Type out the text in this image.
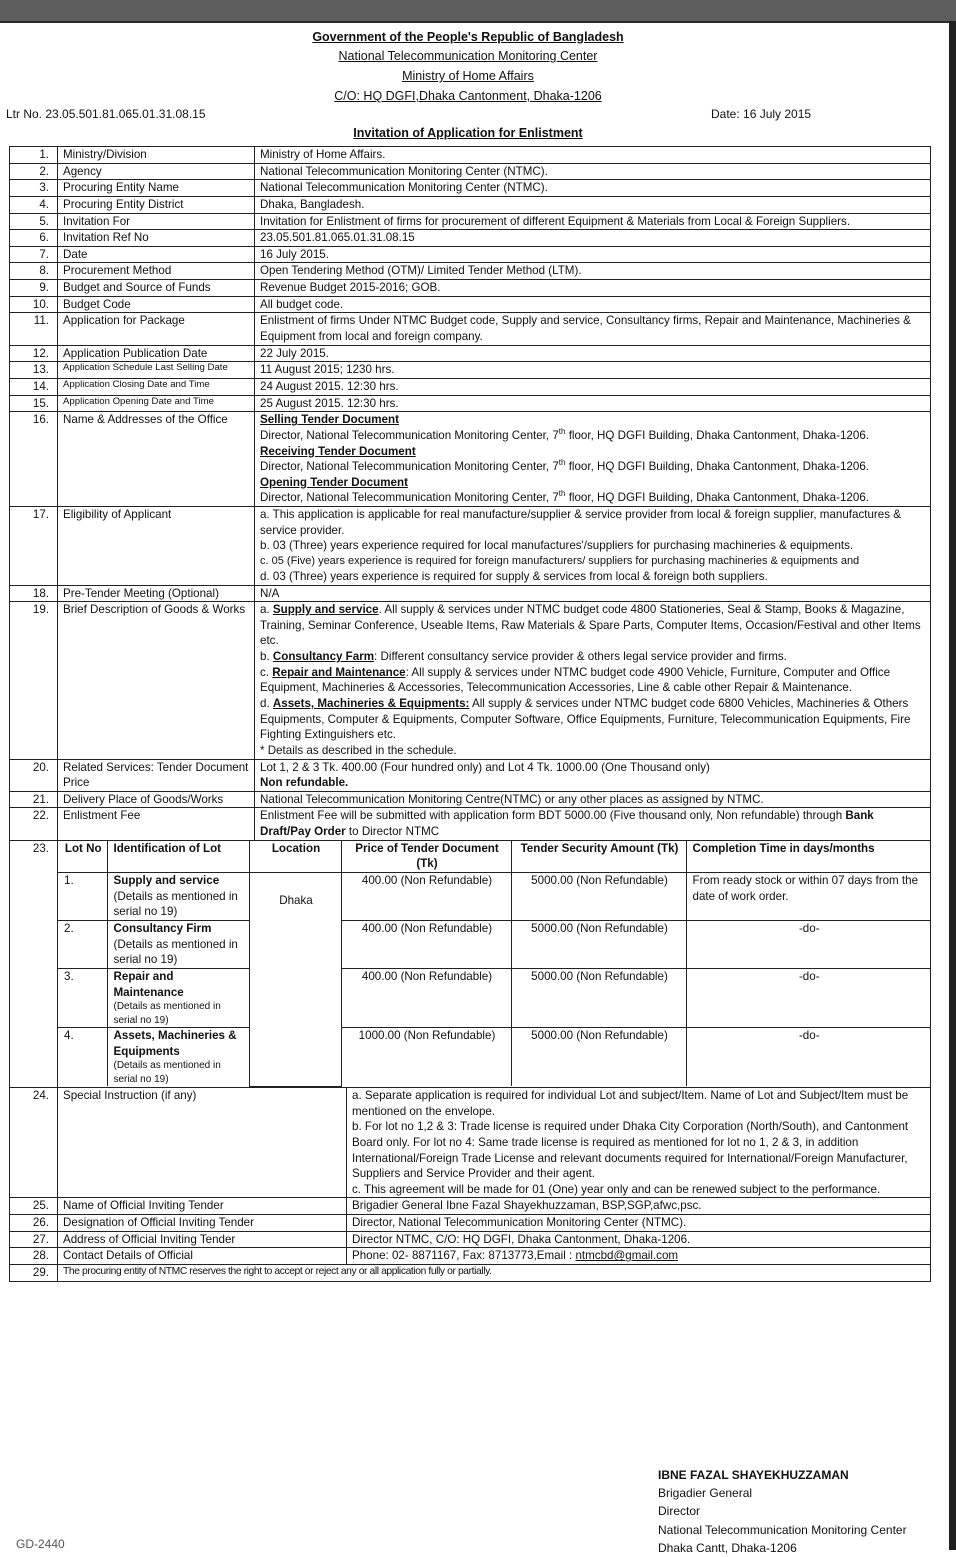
Government of the People's Republic of Bangladesh
National Telecommunication Monitoring Center
Ministry of Home Affairs
C/O: HQ DGFI,Dhaka Cantonment, Dhaka-1206
Ltr No. 23.05.501.81.065.01.31.08.15	Date: 16 July 2015
Invitation of Application for Enlistment
1.	Ministry/Division	Ministry of Home Affairs.
2.	Agency	National Telecommunication Monitoring Center (NTMC).
3.	Procuring Entity Name	National Telecommunication Monitoring Center (NTMC).
4.	Procuring Entity District	Dhaka, Bangladesh.
5.	Invitation For	Invitation for Enlistment of firms for procurement of different Equipment & Materials from Local & Foreign Suppliers.
6.	Invitation Ref No	23.05.501.81.065.01.31.08.15
7.	Date	16 July 2015.
8.	Procurement Method	Open Tendering Method (OTM)/ Limited Tender Method (LTM).
9.	Budget and Source of Funds	Revenue Budget 2015-2016; GOB.
10.	Budget Code	All budget code.
11.	Application for Package	Enlistment of firms Under NTMC Budget code, Supply and service, Consultancy firms, Repair and Maintenance, Machineries & Equipment from local and foreign company.
12.	Application Publication Date	22 July 2015.
13.	Application Schedule Last Selling Date	11 August 2015; 1230 hrs.
14.	Application Closing Date and Time	24 August 2015. 12:30 hrs.
15.	Application Opening Date and Time	25 August 2015. 12:30 hrs.
16.	Name & Addresses of the Office	Selling Tender Document
Director, National Telecommunication Monitoring Center, 7th floor, HQ DGFI Building, Dhaka Cantonment, Dhaka-1206.
Receiving Tender Document
Director, National Telecommunication Monitoring Center, 7th floor, HQ DGFI Building, Dhaka Cantonment, Dhaka-1206.
Opening Tender Document
Director, National Telecommunication Monitoring Center, 7th floor, HQ DGFI Building, Dhaka Cantonment, Dhaka-1206.

17.	Eligibility of Applicant	a. This application is applicable for real manufacture/supplier & service provider from local & foreign supplier, manufactures & service provider.
b. 03 (Three) years experience required for local manufactures'/suppliers for purchasing machineries & equipments.
c. 05 (Five) years experience is required for foreign manufacturers/ suppliers for purchasing machineries & equipments and
d. 03 (Three) years experience is required for supply & services from local & foreign both suppliers.

18.	Pre-Tender Meeting (Optional)	N/A
19.	Brief Description of Goods & Works	a. Supply and service. All supply & services under NTMC budget code 4800 Stationeries, Seal & Stamp, Books & Magazine, Training, Seminar Conference, Useable Items, Raw Materials & Spare Parts, Computer Items, Occasion/Festival and other Items etc.
b. Consultancy Farm: Different consultancy service provider & others legal service provider and firms.
c. Repair and Maintenance: All supply & services under NTMC budget code 4900 Vehicle, Furniture, Computer and Office Equipment, Machineries & Accessories, Telecommunication Accessories, Line & cable other Repair & Maintenance.
d. Assets, Machineries & Equipments: All supply & services under NTMC budget code 6800 Vehicles, Machineries & Others Equipments, Computer & Equipments, Computer Software, Office Equipments, Furniture, Telecommunication Equipments, Fire Fighting Extinguishers etc.
* Details as described in the schedule.

20.	Related Services: Tender Document Price	
Lot 1, 2 & 3 Tk. 400.00 (Four hundred only) and Lot 4 Tk. 1000.00 (One Thousand only)
Non refundable.

21.	Delivery Place of Goods/Works	National Telecommunication Monitoring Centre(NTMC) or any other places as assigned by NTMC.
22.	Enlistment Fee	Enlistment Fee will be submitted with application form BDT 5000.00 (Five thousand only, Non refundable) through Bank Draft/Pay Order to Director NTMC
23.	Lot No	Identification of Lot	Location	Price of Tender Document (Tk)	Tender Security Amount (Tk)	Completion Time in days/months
1.	Supply and service
(Details as mentioned in serial no 19)
	Dhaka	400.00 (Non Refundable)	5000.00 (Non Refundable)	From ready stock or within 07 days from the date of work order.
2.	Consultancy Firm
(Details as mentioned in serial no 19)
	400.00 (Non Refundable)	5000.00 (Non Refundable)	-do-
3.	Repair and Maintenance
(Details as mentioned in serial no 19)
	400.00 (Non Refundable)	5000.00 (Non Refundable)	-do-
4.	Assets, Machineries & Equipments
(Details as mentioned in serial no 19)
	1000.00 (Non Refundable)	5000.00 (Non Refundable)	-do-

24.	Special Instruction (if any)	a. Separate application is required for individual Lot and subject/Item. Name of Lot and Subject/Item must be mentioned on the envelope.
b. For lot no 1,2 & 3: Trade license is required under Dhaka City Corporation (North/South), and Cantonment Board only. For lot no 4: Same trade license is required as mentioned for lot no 1, 2 & 3, in addition International/Foreign Trade License and relevant documents required for International/Foreign Manufacturer, Suppliers and Service Provider and their agent.
c. This agreement will be made for 01 (One) year only and can be renewed subject to the performance.

25.	Name of Official Inviting Tender	Brigadier General Ibne Fazal Shayekhuzzaman, BSP,SGP,afwc,psc.
26.	Designation of Official Inviting Tender	Director, National Telecommunication Monitoring Center (NTMC).
27.	Address of Official Inviting Tender	Director NTMC, C/O: HQ DGFI, Dhaka Cantonment, Dhaka-1206.
28.	Contact Details of Official	Phone: 02- 8871167, Fax: 8713773,Email : ntmcbd@gmail.com
29.	The procuring entity of NTMC reserves the right to accept or reject any or all application fully or partially.
IBNE FAZAL SHAYEKHUZZAMAN
Brigadier General
Director
National Telecommunication Monitoring Center
Dhaka Cantt, Dhaka-1206
GD-2440
